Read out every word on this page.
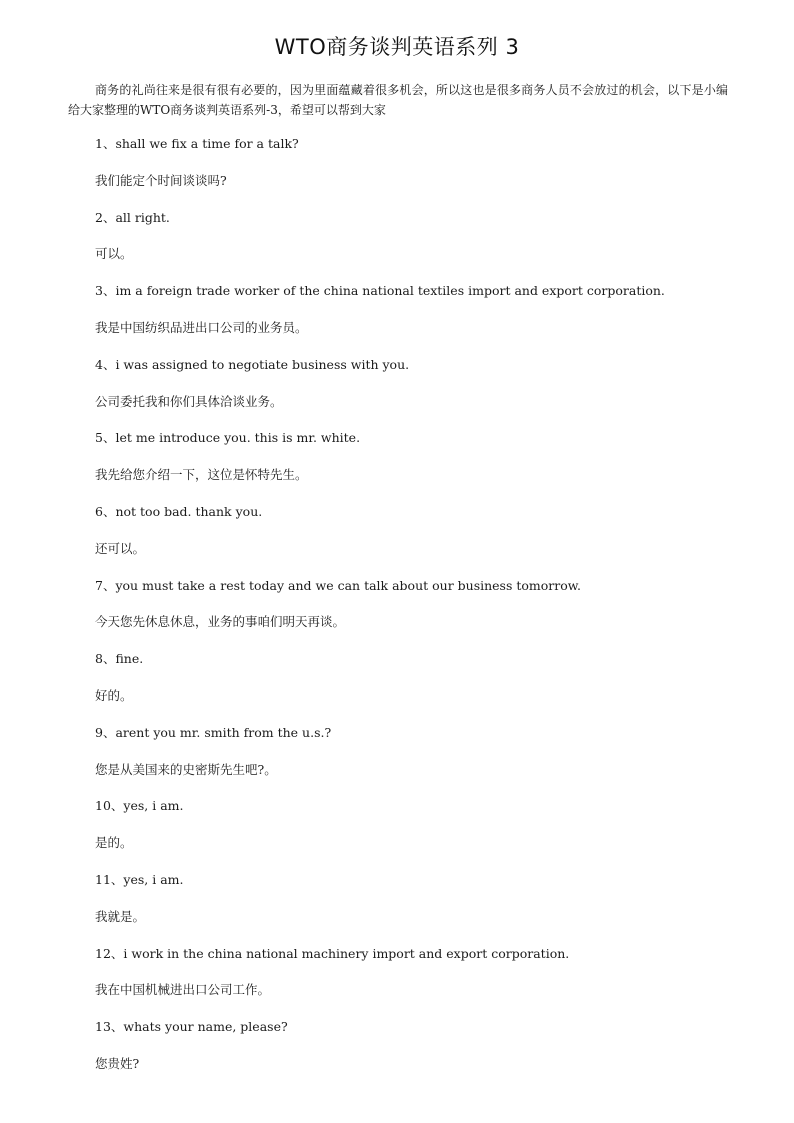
WTO商务谈判英语系列 3
商务的礼尚往来是很有很有必要的，因为里面蕴藏着很多机会，所以这也是很多商务人员不会放过的机会，以下是小编给大家整理的WTO商务谈判英语系列-3，希望可以帮到大家
1、shall we fix a time for a talk?
我们能定个时间谈谈吗?
2、all right.
可以。
3、im a foreign trade worker of the china national textiles import and export corporation.
我是中国纺织品进出口公司的业务员。
4、i was assigned to negotiate business with you.
公司委托我和你们具体洽谈业务。
5、let me introduce you. this is mr. white.
我先给您介绍一下，这位是怀特先生。
6、not too bad. thank you.
还可以。
7、you must take a rest today and we can talk about our business tomorrow.
今天您先休息休息，业务的事咱们明天再谈。
8、fine.
好的。
9、arent you mr. smith from the u.s.?
您是从美国来的史密斯先生吧?。
10、yes, i am.
是的。
11、yes, i am.
我就是。
12、i work in the china national machinery import and export corporation.
我在中国机械进出口公司工作。
13、whats your name, please?
您贵姓?
